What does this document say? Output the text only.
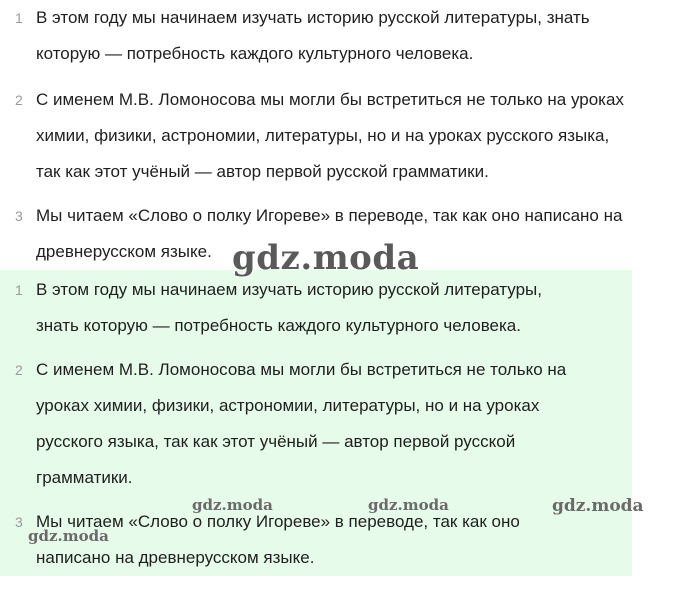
1 В этом году мы начинаем изучать историю русской литературы, знать
которую — потребность каждого культурного человека.
2 С именем М.В. Ломоносова мы могли бы встретиться не только на уроках
химии, физики, астрономии, литературы, но и на уроках русского языка,
так как этот учёный — автор первой русской грамматики.
3 Мы читаем «Слово о полку Игореве» в переводе, так как оно написано на
древнерусском языке.
1 В этом году мы начинаем изучать историю русской литературы,
знать которую — потребность каждого культурного человека.
2 С именем М.В. Ломоносова мы могли бы встретиться не только на
уроках химии, физики, астрономии, литературы, но и на уроках
русского языка, так как этот учёный — автор первой русской
грамматики.
3 Мы читаем «Слово о полку Игореве» в переводе, так как оно
написано на древнерусском языке.
gdz.moda
gdz.moda	gdz.moda	gdz.moda
gdz.moda
